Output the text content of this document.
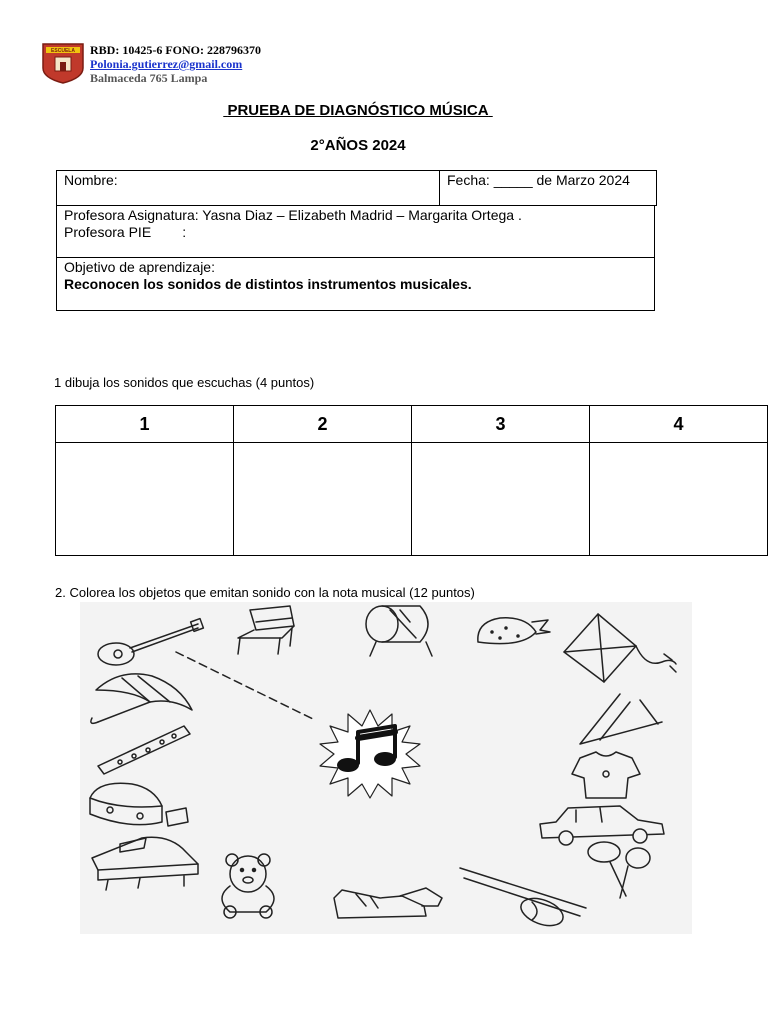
ESCUELA RBD: 10425-6 FONO: 228796370
Polonia.gutierrez@gmail.com
Balmaceda 765 Lampa
PRUEBA DE DIAGNÓSTICO MÚSICA
2°AÑOS 2024
Nombre:	Fecha: _____ de Marzo 2024
Profesora Asignatura: Yasna Diaz – Elizabeth Madrid – Margarita Ortega .
Profesora PIE        :
Objetivo de aprendizaje:
Reconocen los sonidos de distintos instrumentos musicales.
1 dibuja los sonidos que escuchas (4 puntos)
1	2	3	4

2. Colorea los objetos que emitan sonido con la nota musical (12 puntos)
